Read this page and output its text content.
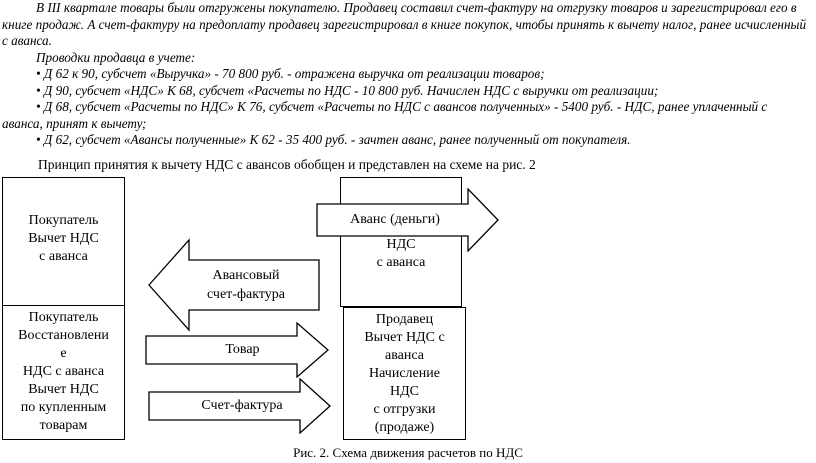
В III квартале товары были отгружены покупателю. Продавец составил счет-фактуру на отгрузку товаров и зарегистрировал его в

книге продаж. А счет-фактуру на предоплату продавец зарегистрировал в книге покупок, чтобы принять к вычету налог, ранее исчисленный

с аванса.

Проводки продавца в учете:

• Д 62 к 90, субсчет «Выручка» - 70 800 руб. - отражена выручка от реализации товаров;

• Д 90, субсчет «НДС» К 68, субсчет «Расчеты по НДС - 10 800 руб. Начислен НДС с выручки от реализации;

• Д 68, субсчет «Расчеты по НДС» К 76, субсчет «Расчеты по НДС с авансов полученных» - 5400 руб. - НДС, ранее уплаченный с

аванса, принят к вычету;

• Д 62, субсчет «Авансы полученные» К 62 - 35 400 руб. - зачтен аванс, ранее полученный от покупателя.

Принцип принятия к вычету НДС с авансов обобщен и представлен на схеме на рис. 2

Покупатель
Вычет НДС
с аванса
Покупатель
Восстановлени
е
НДС с аванса
Вычет НДС
по купленным
товарам
НДС
с аванса
Продавец
Вычет НДС с
аванса
Начисление
НДС
с отгрузки
(продаже)
Аванс (деньги)
Авансовый
счет-фактура
Товар
Счет-фактура

Рис. 2. Схема движения расчетов по НДС
